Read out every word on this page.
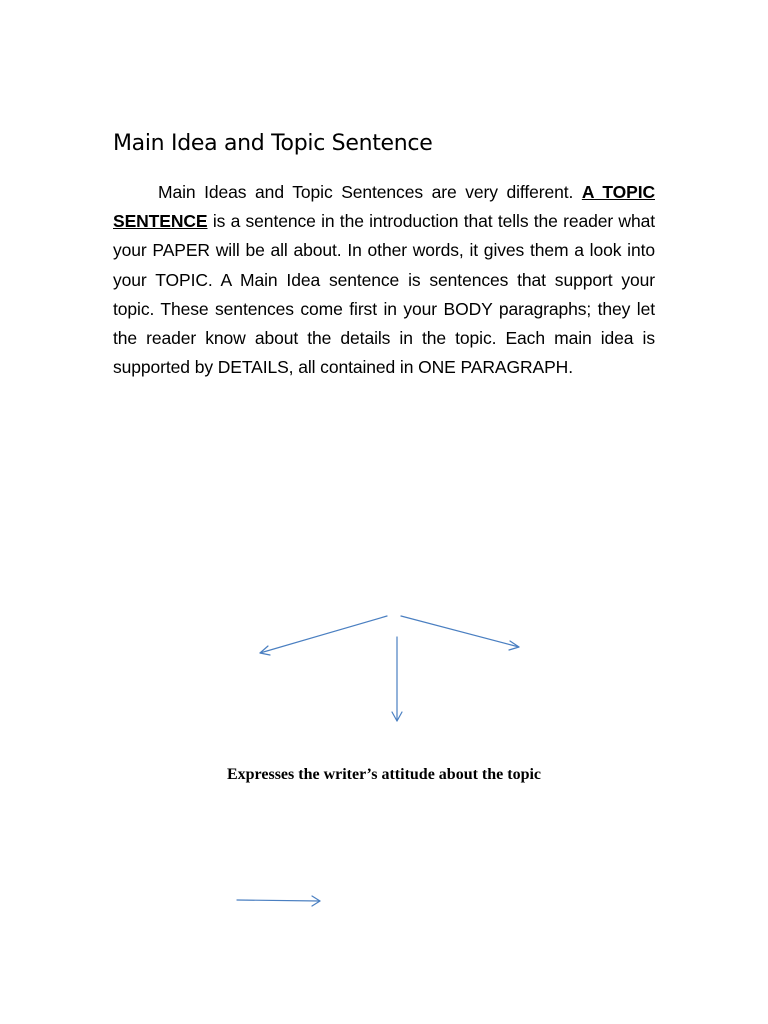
Main Idea and Topic Sentence

Main Ideas and Topic Sentences are very different. A TOPIC SENTENCE is a sentence in the introduction that tells the reader what your PAPER will be all about. In other words, it gives them a look into your TOPIC. A Main Idea sentence is sentences that support your topic. These sentences come first in your BODY paragraphs; they let the reader know about the details in the topic. Each main idea is supported by DETAILS, all contained in ONE PARAGRAPH.

Expresses the writer’s attitude about the topic
